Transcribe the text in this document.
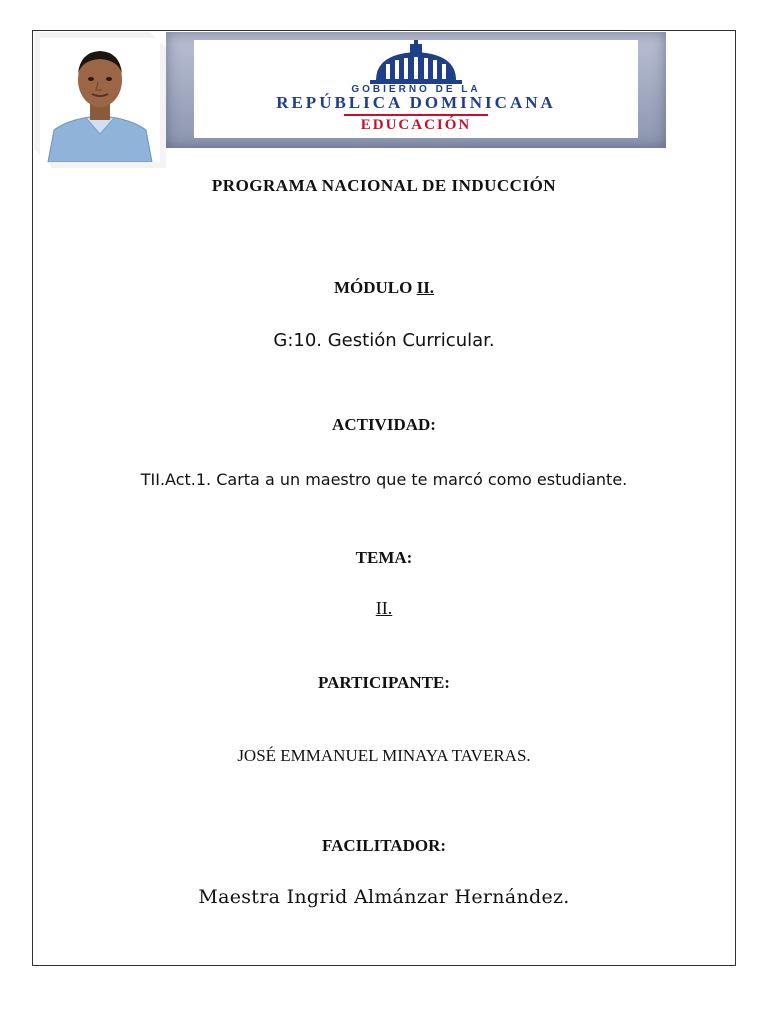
GOBIERNO DE LA
REPÚBLICA DOMINICANA
EDUCACIÓN
PROGRAMA NACIONAL DE INDUCCIÓN
MÓDULO II.
G:10. Gestión Curricular.
ACTIVIDAD:
TII.Act.1. Carta a un maestro que te marcó como estudiante.
TEMA:
II.
PARTICIPANTE:
JOSÉ EMMANUEL MINAYA TAVERAS.
FACILITADOR:
Maestra Ingrid Almánzar Hernández.
